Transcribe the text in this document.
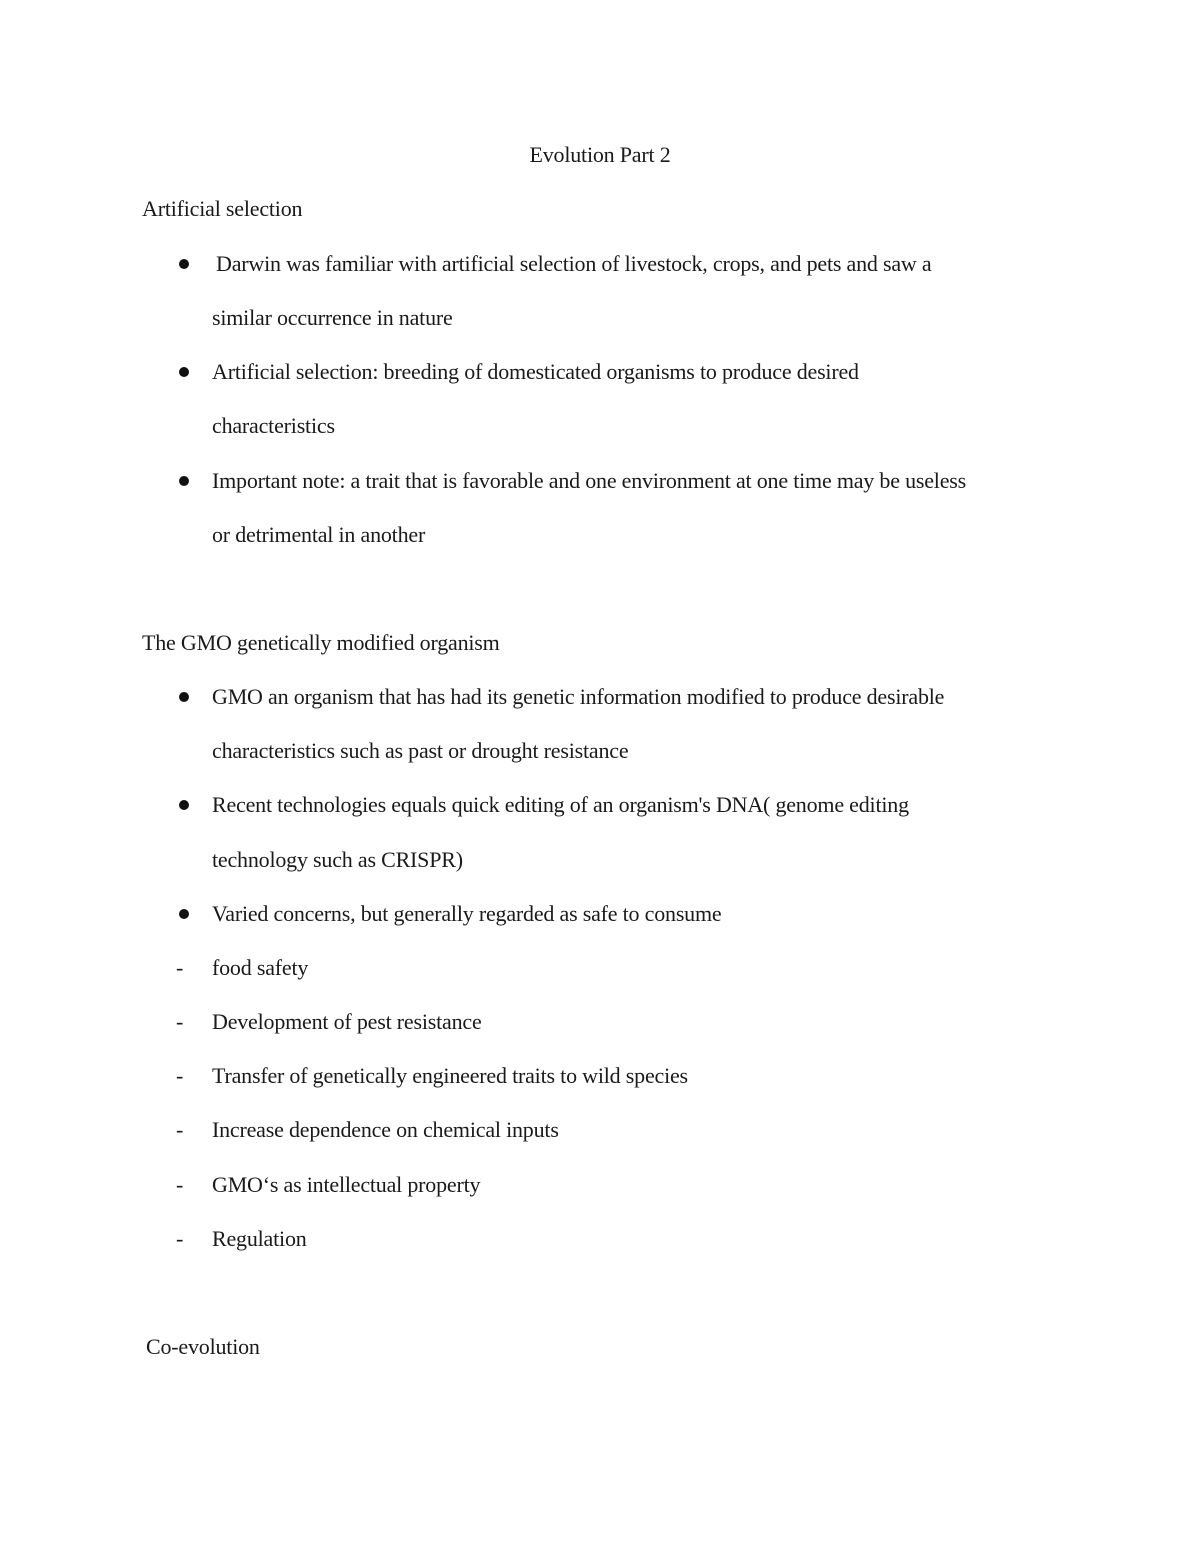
Evolution Part 2
Artificial selection
Darwin was familiar with artificial selection of livestock, crops, and pets and saw a
similar occurrence in nature
Artificial selection: breeding of domesticated organisms to produce desired
characteristics
Important note: a trait that is favorable and one environment at one time may be useless
or detrimental in another
The GMO genetically modified organism
GMO an organism that has had its genetic information modified to produce desirable
characteristics such as past or drought resistance
Recent technologies equals quick editing of an organism's DNA( genome editing
technology such as CRISPR)
Varied concerns, but generally regarded as safe to consume
- food safety
- Development of pest resistance
- Transfer of genetically engineered traits to wild species
- Increase dependence on chemical inputs
- GMO‘s as intellectual property
- Regulation
Co-evolution
